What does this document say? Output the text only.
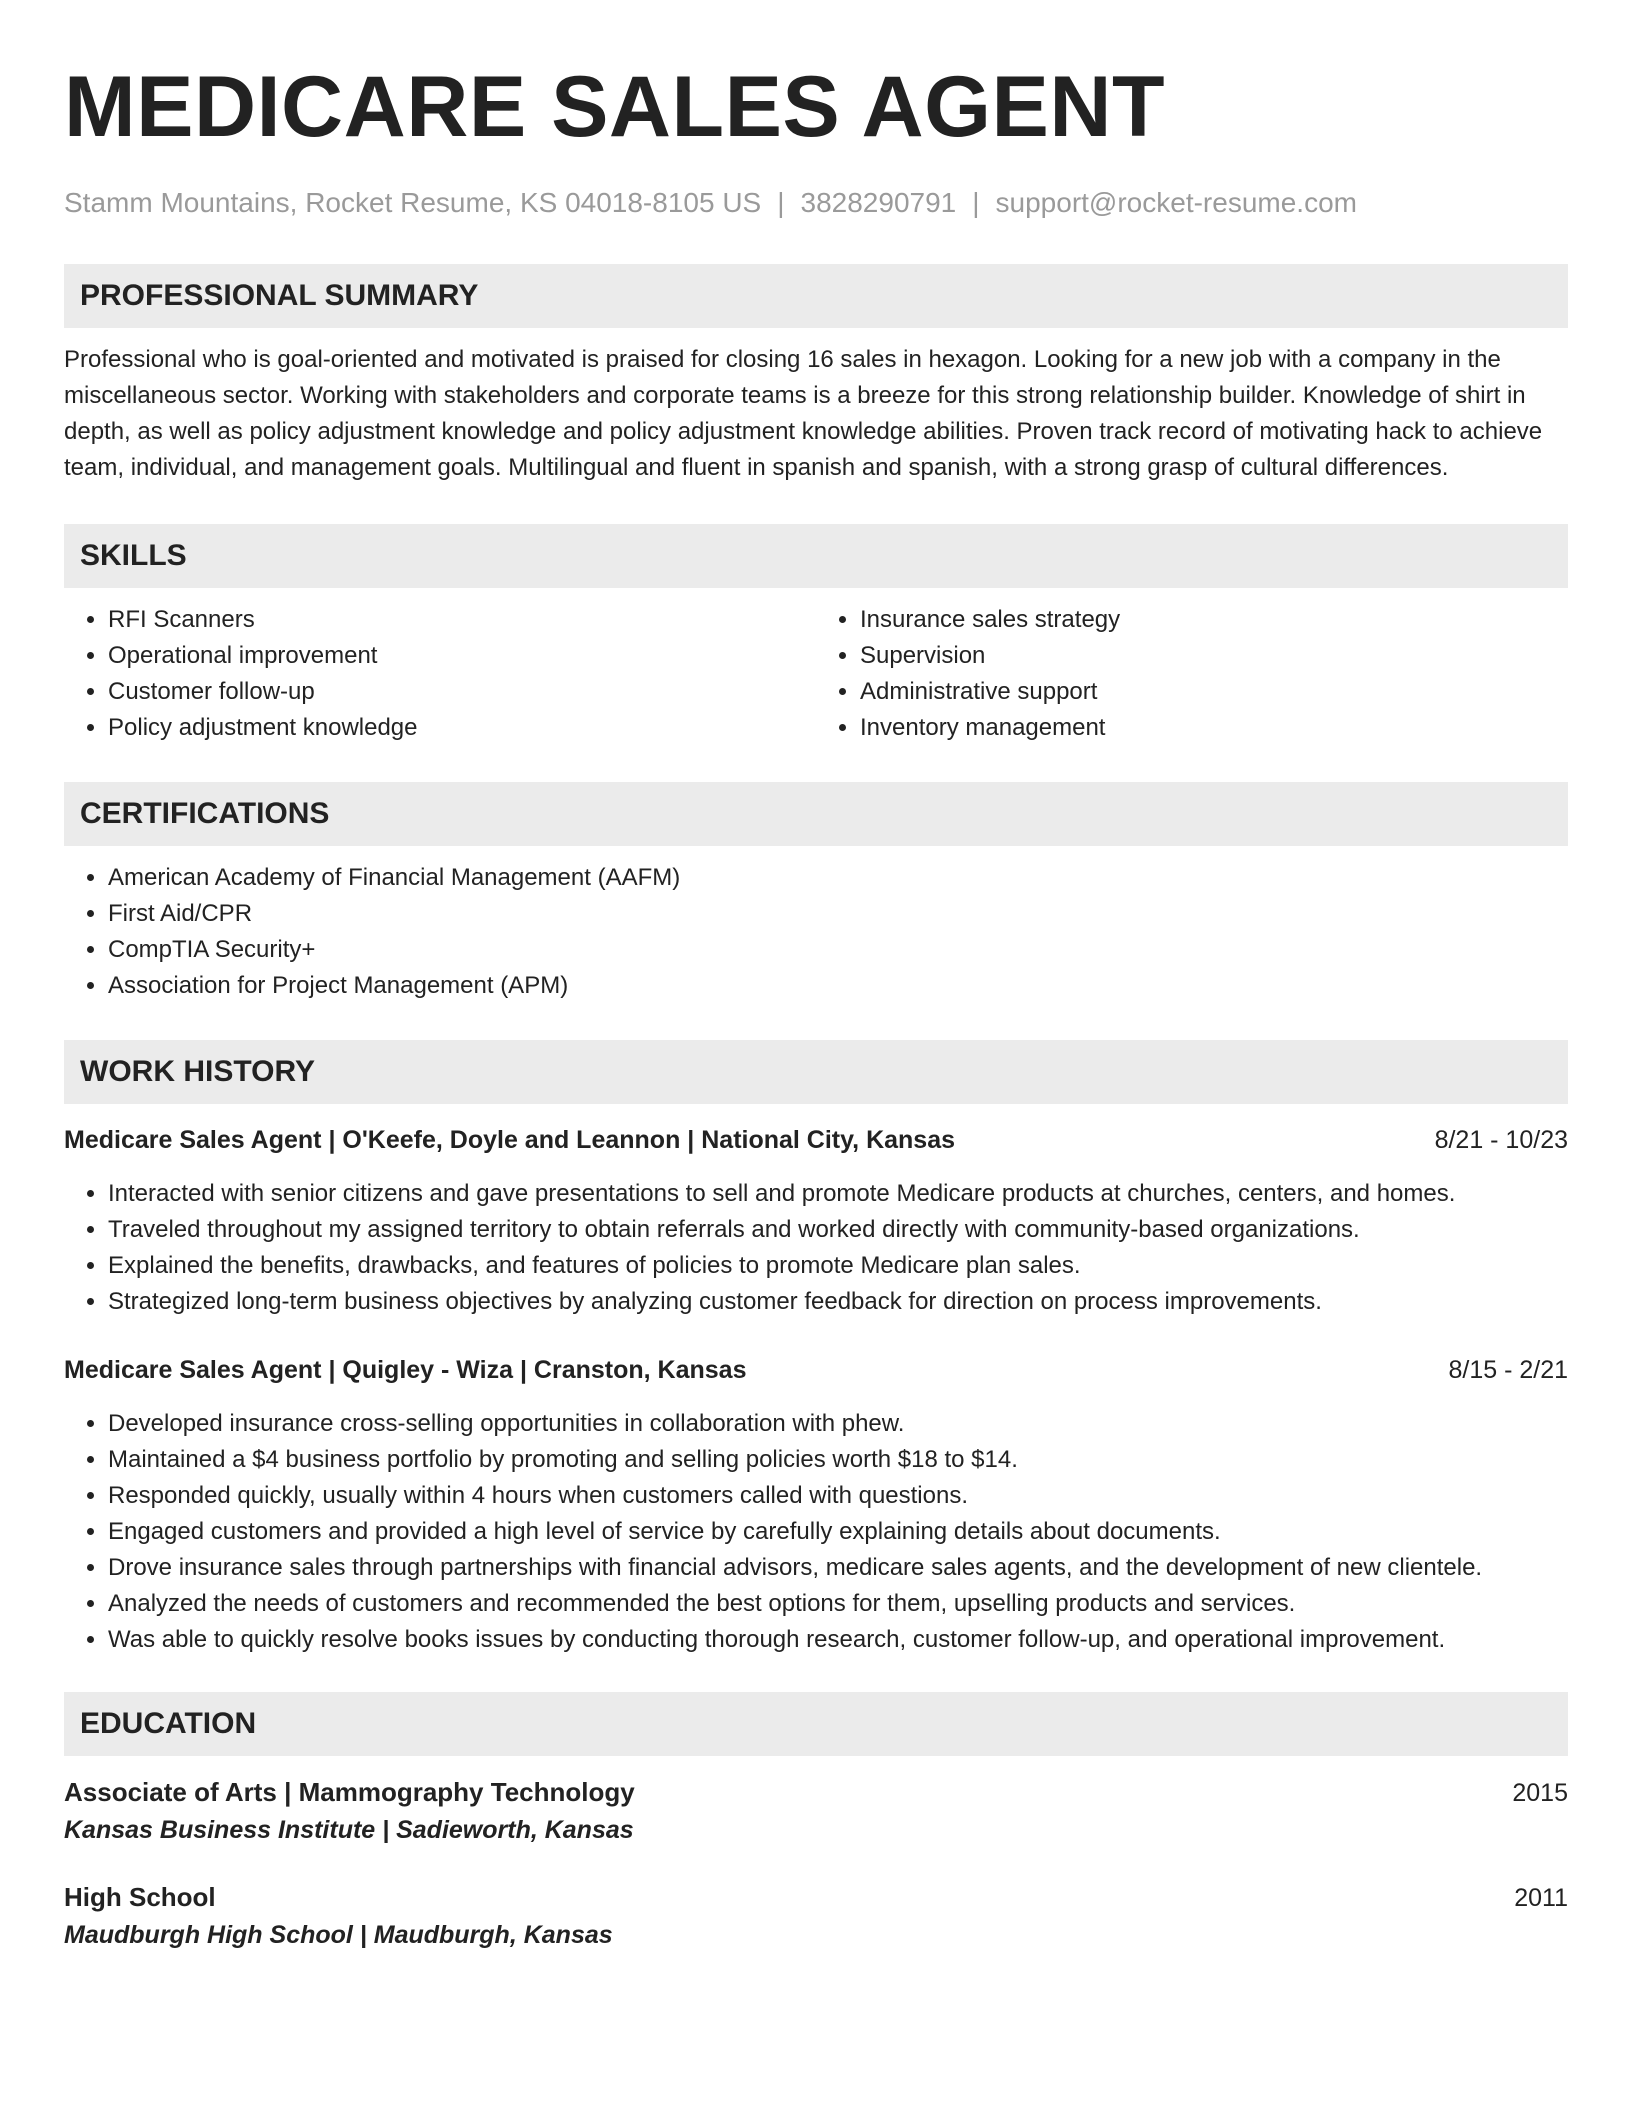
MEDICARE SALES AGENT
Stamm Mountains, Rocket Resume, KS 04018-8105 US | 3828290791 | support@rocket-resume.com
PROFESSIONAL SUMMARY
Professional who is goal-oriented and motivated is praised for closing 16 sales in hexagon. Looking for a new job with a company in the miscellaneous sector. Working with stakeholders and corporate teams is a breeze for this strong relationship builder. Knowledge of shirt in depth, as well as policy adjustment knowledge and policy adjustment knowledge abilities. Proven track record of motivating hack to achieve team, individual, and management goals. Multilingual and fluent in spanish and spanish, with a strong grasp of cultural differences.
SKILLS
• RFI Scanners
• Operational improvement
• Customer follow-up
• Policy adjustment knowledge
• Insurance sales strategy
• Supervision
• Administrative support
• Inventory management
CERTIFICATIONS
• American Academy of Financial Management (AAFM)
• First Aid/CPR
• CompTIA Security+
• Association for Project Management (APM)
WORK HISTORY
Medicare Sales Agent | O'Keefe, Doyle and Leannon | National City, Kansas	8/21 - 10/23
• Interacted with senior citizens and gave presentations to sell and promote Medicare products at churches, centers, and homes.
• Traveled throughout my assigned territory to obtain referrals and worked directly with community-based organizations.
• Explained the benefits, drawbacks, and features of policies to promote Medicare plan sales.
• Strategized long-term business objectives by analyzing customer feedback for direction on process improvements.
Medicare Sales Agent | Quigley - Wiza | Cranston, Kansas	8/15 - 2/21
• Developed insurance cross-selling opportunities in collaboration with phew.
• Maintained a $4 business portfolio by promoting and selling policies worth $18 to $14.
• Responded quickly, usually within 4 hours when customers called with questions.
• Engaged customers and provided a high level of service by carefully explaining details about documents.
• Drove insurance sales through partnerships with financial advisors, medicare sales agents, and the development of new clientele.
• Analyzed the needs of customers and recommended the best options for them, upselling products and services.
• Was able to quickly resolve books issues by conducting thorough research, customer follow-up, and operational improvement.
EDUCATION
Associate of Arts | Mammography Technology	2015
Kansas Business Institute | Sadieworth, Kansas
High School	2011
Maudburgh High School | Maudburgh, Kansas
